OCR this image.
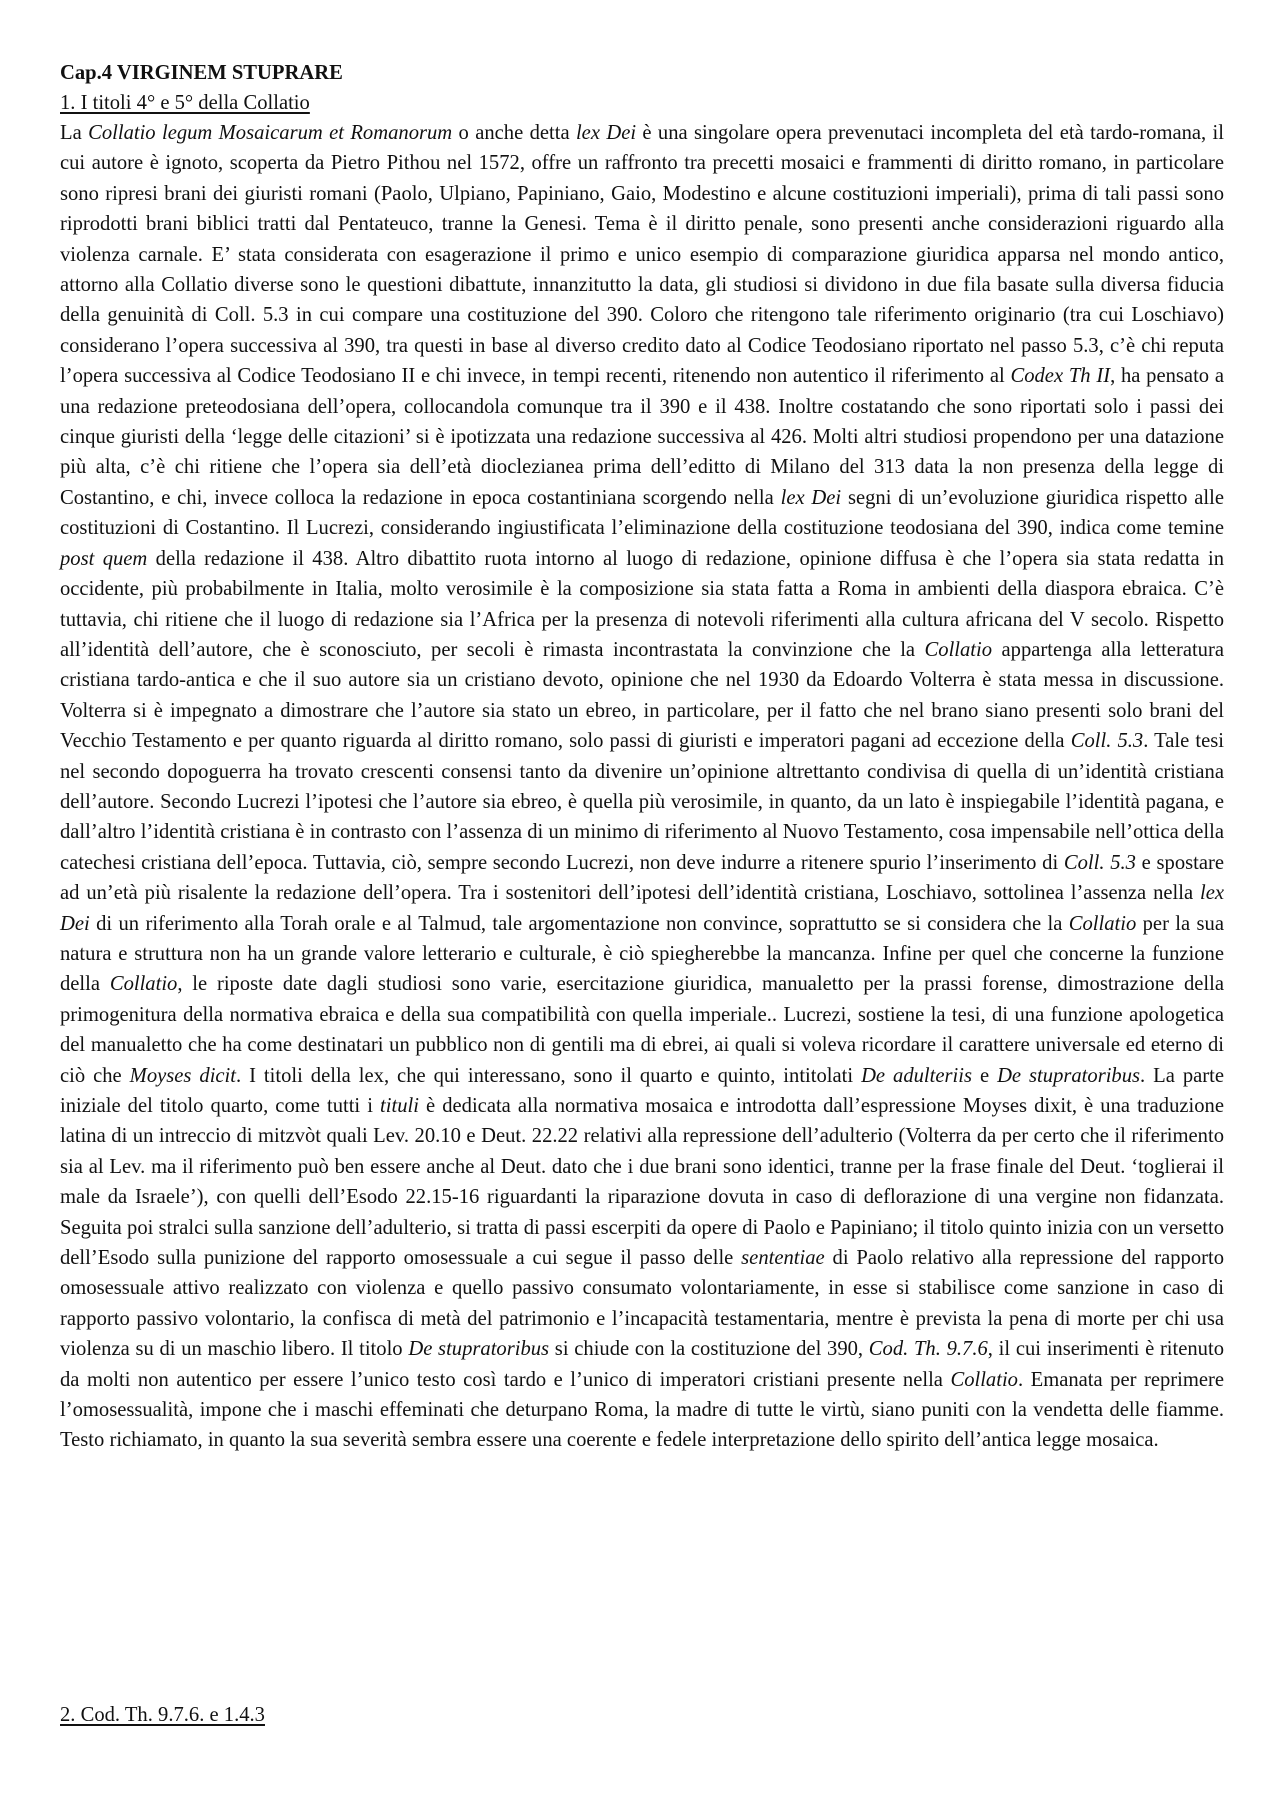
Cap.4 VIRGINEM STUPRARE

1. I titoli 4° e 5° della Collatio

La Collatio legum Mosaicarum et Romanorum o anche detta lex Dei è una singolare opera prevenutaci incompleta del età tardo-romana, il cui autore è ignoto, scoperta da Pietro Pithou nel 1572, offre un raffronto tra precetti mosaici e frammenti di diritto romano, in particolare sono ripresi brani dei giuristi romani (Paolo, Ulpiano, Papiniano, Gaio, Modestino e alcune costituzioni imperiali), prima di tali passi sono riprodotti brani biblici tratti dal Pentateuco, tranne la Genesi. Tema è il diritto penale, sono presenti anche considerazioni riguardo alla violenza carnale. E’ stata considerata con esagerazione il primo e unico esempio di comparazione giuridica apparsa nel mondo antico, attorno alla Collatio diverse sono le questioni dibattute, innanzitutto la data, gli studiosi si dividono in due fila basate sulla diversa fiducia della genuinità di Coll. 5.3 in cui compare una costituzione del 390. Coloro che ritengono tale riferimento originario (tra cui Loschiavo) considerano l’opera successiva al 390, tra questi in base al diverso credito dato al Codice Teodosiano riportato nel passo 5.3, c’è chi reputa l’opera successiva al Codice Teodosiano II e chi invece, in tempi recenti, ritenendo non autentico il riferimento al Codex Th II, ha pensato a una redazione preteodosiana dell’opera, collocandola comunque tra il 390 e il 438. Inoltre costatando che sono riportati solo i passi dei cinque giuristi della ‘legge delle citazioni’ si è ipotizzata una redazione successiva al 426. Molti altri studiosi propendono per una datazione più alta, c’è chi ritiene che l’opera sia dell’età dioclezianea prima dell’editto di Milano del 313 data la non presenza della legge di Costantino, e chi, invece colloca la redazione in epoca costantiniana scorgendo nella lex Dei segni di un’evoluzione giuridica rispetto alle costituzioni di Costantino. Il Lucrezi, considerando ingiustificata l’eliminazione della costituzione teodosiana del 390, indica come temine post quem della redazione il 438. Altro dibattito ruota intorno al luogo di redazione, opinione diffusa è che l’opera sia stata redatta in occidente, più probabilmente in Italia, molto verosimile è la composizione sia stata fatta a Roma in ambienti della diaspora ebraica. C’è tuttavia, chi ritiene che il luogo di redazione sia l’Africa per la presenza di notevoli riferimenti alla cultura africana del V secolo. Rispetto all’identità dell’autore, che è sconosciuto, per secoli è rimasta incontrastata la convinzione che la Collatio appartenga alla letteratura cristiana tardo-antica e che il suo autore sia un cristiano devoto, opinione che nel 1930 da Edoardo Volterra è stata messa in discussione. Volterra si è impegnato a dimostrare che l’autore sia stato un ebreo, in particolare, per il fatto che nel brano siano presenti solo brani del Vecchio Testamento e per quanto riguarda al diritto romano, solo passi di giuristi e imperatori pagani ad eccezione della Coll. 5.3. Tale tesi nel secondo dopoguerra ha trovato crescenti consensi tanto da divenire un’opinione altrettanto condivisa di quella di un’identità cristiana dell’autore. Secondo Lucrezi l’ipotesi che l’autore sia ebreo, è quella più verosimile, in quanto, da un lato è inspiegabile l’identità pagana, e dall’altro l’identità cristiana è in contrasto con l’assenza di un minimo di riferimento al Nuovo Testamento, cosa impensabile nell’ottica della catechesi cristiana dell’epoca. Tuttavia, ciò, sempre secondo Lucrezi, non deve indurre a ritenere spurio l’inserimento di Coll. 5.3 e spostare ad un’età più risalente la redazione dell’opera. Tra i sostenitori dell’ipotesi dell’identità cristiana, Loschiavo, sottolinea l’assenza nella lex Dei di un riferimento alla Torah orale e al Talmud, tale argomentazione non convince, soprattutto se si considera che la Collatio per la sua natura e struttura non ha un grande valore letterario e culturale, è ciò spiegherebbe la mancanza. Infine per quel che concerne la funzione della Collatio, le riposte date dagli studiosi sono varie, esercitazione giuridica, manualetto per la prassi forense, dimostrazione della primogenitura della normativa ebraica e della sua compatibilità con quella imperiale.. Lucrezi, sostiene la tesi, di una funzione apologetica del manualetto che ha come destinatari un pubblico non di gentili ma di ebrei, ai quali si voleva ricordare il carattere universale ed eterno di ciò che Moyses dicit. I titoli della lex, che qui interessano, sono il quarto e quinto, intitolati De adulteriis e De stupratoribus. La parte iniziale del titolo quarto, come tutti i tituli è dedicata alla normativa mosaica e introdotta dall’espressione Moyses dixit, è una traduzione latina di un intreccio di mitzvòt quali Lev. 20.10 e Deut. 22.22 relativi alla repressione dell’adulterio (Volterra da per certo che il riferimento sia al Lev. ma il riferimento può ben essere anche al Deut. dato che i due brani sono identici, tranne per la frase finale del Deut. ‘toglierai il male da Israele’), con quelli dell’Esodo 22.15-16 riguardanti la riparazione dovuta in caso di deflorazione di una vergine non fidanzata. Seguita poi stralci sulla sanzione dell’adulterio, si tratta di passi escerpiti da opere di Paolo e Papiniano; il titolo quinto inizia con un versetto dell’Esodo sulla punizione del rapporto omosessuale a cui segue il passo delle sententiae di Paolo relativo alla repressione del rapporto omosessuale attivo realizzato con violenza e quello passivo consumato volontariamente, in esse si stabilisce come sanzione in caso di rapporto passivo volontario, la confisca di metà del patrimonio e l’incapacità testamentaria, mentre è prevista la pena di morte per chi usa violenza su di un maschio libero. Il titolo De stupratoribus si chiude con la costituzione del 390, Cod. Th. 9.7.6, il cui inserimenti è ritenuto da molti non autentico per essere l’unico testo così tardo e l’unico di imperatori cristiani presente nella Collatio. Emanata per reprimere l’omosessualità, impone che i maschi effeminati che deturpano Roma, la madre di tutte le virtù, siano puniti con la vendetta delle fiamme. Testo richiamato, in quanto la sua severità sembra essere una coerente e fedele interpretazione dello spirito dell’antica legge mosaica.

2. Cod. Th. 9.7.6. e 1.4.3
